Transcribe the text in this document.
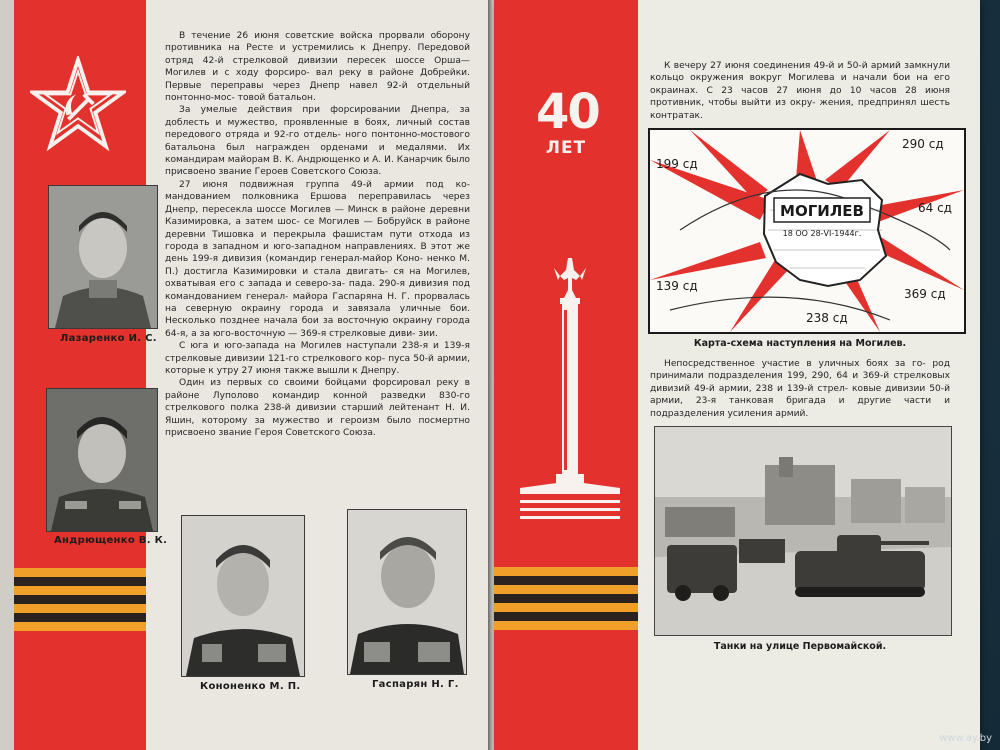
Лазаренко И. С.
Андрющенко В. К.
Кононенко М. П.	Гаспарян Н. Г.

В течение 26 июня советские войска прорвали оборону противника на Ресте и устремились к Днепру. Передовой отряд 42-й стрелковой дивизии пересек шоссе Орша—Могилев и с ходу форсиро- вал реку в районе Добрейки. Первые переправы через Днепр навел 92-й отдельный понтонно-мос- товой батальон.

За умелые действия при форсировании Днепра, за доблесть и мужество, проявленные в боях, личный состав передового отряда и 92-го отдель- ного понтонно-мостового батальона был награжден орденами и медалями. Их командирам майорам В. К. Андрющенко и А. И. Канарчик было присвоено звание Героев Советского Союза.

27 июня подвижная группа 49-й армии под ко- мандованием полковника Ершова переправилась через Днепр, пересекла шоссе Могилев — Минск в районе деревни Казимировка, а затем шос- се Могилев — Бобруйск в районе деревни Тишовка и перекрыла фашистам пути отхода из города в западном и юго-западном направлениях. В этот же день 199-я дивизия (командир генерал-майор Коно- ненко М. П.) достигла Казимировки и стала двигать- ся на Могилев, охватывая его с запада и северо-за- пада. 290-я дивизия под командованием генерал- майора Гаспаряна Н. Г. прорвалась на северную окраину города и завязала уличные бои. Несколько позднее начала бои за восточную окраину города 64-я, а за юго-восточную — 369-я стрелковые диви- зии.

С юга и юго-запада на Могилев наступали 238-я и 139-я стрелковые дивизии 121-го стрелкового кор- пуса 50-й армии, которые к утру 27 июня также вышли к Днепру.

Один из первых со своими бойцами форсировал реку в районе Луполово командир конной разведки 830-го стрелкового полка 238-й дивизии старший лейтенант Н. И. Яшин, которому за мужество и героизм было посмертно присвоено звание Героя Советского Союза.

40
ЛЕТ

К вечеру 27 июня соединения 49-й и 50-й армий замкнули кольцо окружения вокруг Могилева и начали бои на его окраинах. С 23 часов 27 июня до 10 часов 28 июня противник, чтобы выйти из окру- жения, предпринял шесть контратак.

МОГИЛЕВ
18 ОО 28-VI-1944г.
199 сд
290 сд
64 сд
139 сд
369 сд
238 сд
Карта-схема наступления на Могилев.

Непосредственное участие в уличных боях за го- род принимали подразделения 199, 290, 64 и 369-й стрелковых дивизий 49-й армии, 238 и 139-й стрел- ковые дивизии 50-й армии, 23-я танковая бригада и другие части и подразделения усиления армий.

Танки на улице Первомайской.
www.ay.by
